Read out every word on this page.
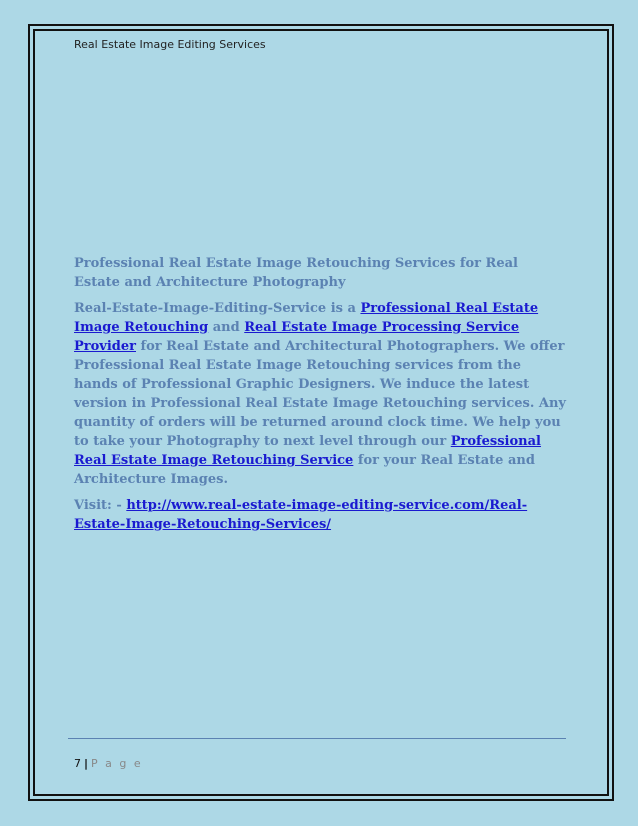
Real Estate Image Editing Services
Professional Real Estate Image Retouching Services for Real Estate and Architecture Photography
Real-Estate-Image-Editing-Service is a Professional Real Estate Image Retouching and Real Estate Image Processing Service Provider for Real Estate and Architectural Photographers. We offer Professional Real Estate Image Retouching services from the hands of Professional Graphic Designers. We induce the latest version in Professional Real Estate Image Retouching services. Any quantity of orders will be returned around clock time. We help you to take your Photography to next level through our Professional Real Estate Image Retouching Service for your Real Estate and Architecture Images.
Visit: - http://www.real-estate-image-editing-service.com/Real-Estate-Image-Retouching-Services/
7 | P a g e
